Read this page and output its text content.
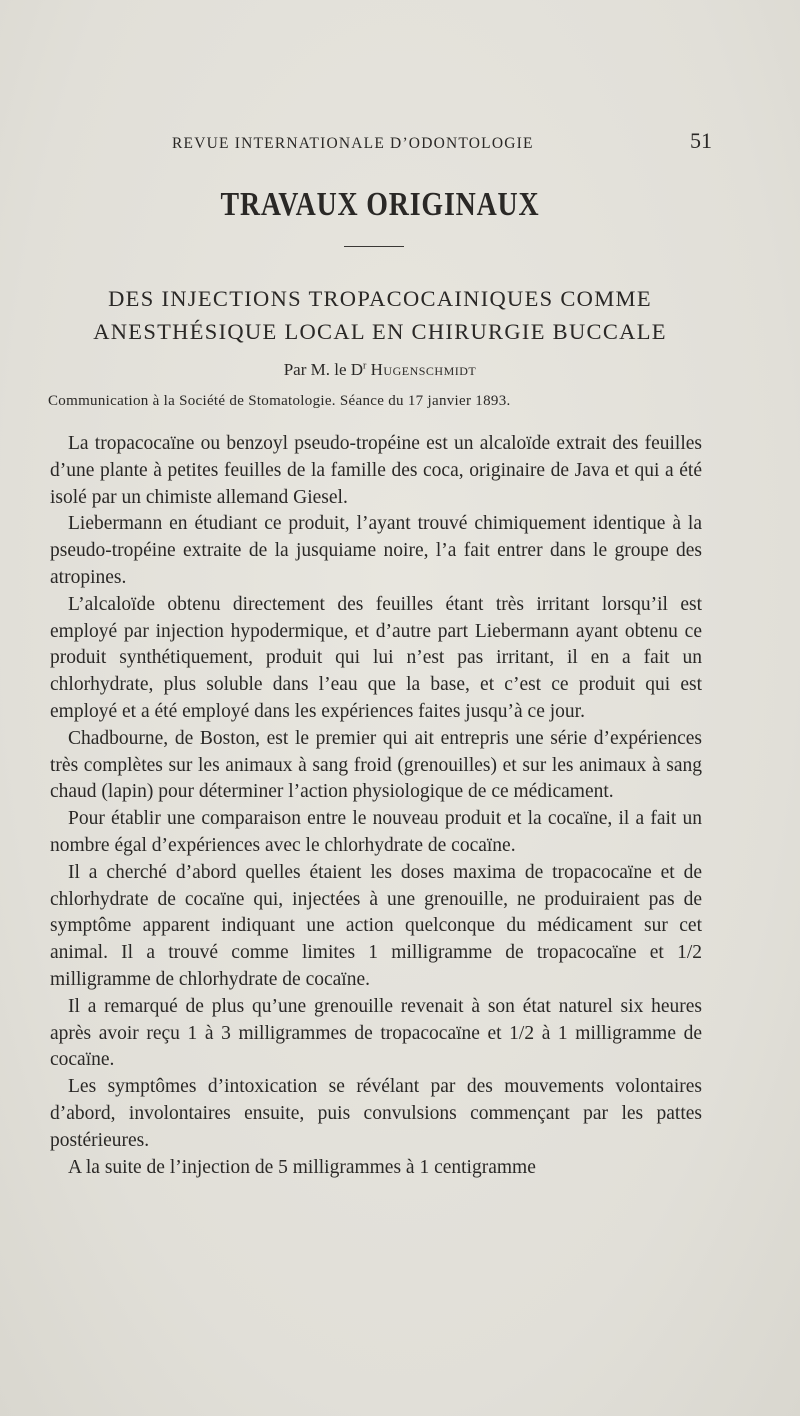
REVUE INTERNATIONALE D’ODONTOLOGIE	51
TRAVAUX ORIGINAUX
DES INJECTIONS TROPACOCAINIQUES COMME
ANESTHÉSIQUE LOCAL EN CHIRURGIE BUCCALE
Par M. le $D^r$ Hugenschmidt
Communication à la Société de Stomatologie. Séance du 17 janvier 1893.

La tropacocaïne ou benzoyl pseudo-tropéine est un alcaloïde extrait des feuilles d’une plante à petites feuilles de la famille des coca, originaire de Java et qui a été isolé par un chimiste allemand Giesel.

Liebermann en étudiant ce produit, l’ayant trouvé chimiquement identique à la pseudo-tropéine extraite de la jusquiame noire, l’a fait entrer dans le groupe des atropines.

L’alcaloïde obtenu directement des feuilles étant très irritant lorsqu’il est employé par injection hypodermique, et d’autre part Liebermann ayant obtenu ce produit synthétiquement, produit qui lui n’est pas irritant, il en a fait un chlorhydrate, plus soluble dans l’eau que la base, et c’est ce produit qui est employé et a été employé dans les expériences faites jusqu’à ce jour.

Chadbourne, de Boston, est le premier qui ait entrepris une série d’expériences très complètes sur les animaux à sang froid (grenouilles) et sur les animaux à sang chaud (lapin) pour déterminer l’action physiologique de ce médicament.

Pour établir une comparaison entre le nouveau produit et la cocaïne, il a fait un nombre égal d’expériences avec le chlorhydrate de cocaïne.

Il a cherché d’abord quelles étaient les doses maxima de tropacocaïne et de chlorhydrate de cocaïne qui, injectées à une grenouille, ne produiraient pas de symptôme apparent indiquant une action quelconque du médicament sur cet animal. Il a trouvé comme limites 1 milligramme de tropacocaïne et 1/2 milligramme de chlorhydrate de cocaïne.

Il a remarqué de plus qu’une grenouille revenait à son état naturel six heures après avoir reçu 1 à 3 milligrammes de tropacocaïne et 1/2 à 1 milligramme de cocaïne.

Les symptômes d’intoxication se révélant par des mouvements volontaires d’abord, involontaires ensuite, puis convulsions commençant par les pattes postérieures.

A la suite de l’injection de 5 milligrammes à 1 centigramme
